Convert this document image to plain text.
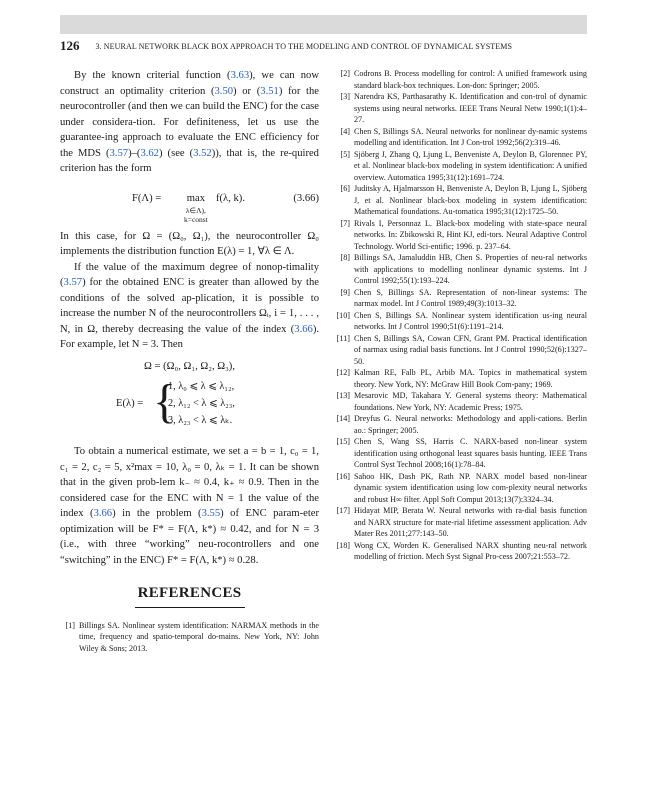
126 3. NEURAL NETWORK BLACK BOX APPROACH TO THE MODELING AND CONTROL OF DYNAMICAL SYSTEMS

By the known criterial function (3.63), we can now construct an optimality criterion (3.50) or (3.51) for the neurocontroller (and then we can build the ENC) for the case under considera-tion. For definiteness, let us use the guarantee-ing approach to evaluate the ENC efficiency for the MDS (3.57)–(3.62) (see (3.52)), that is, the re-quired criterion has the form

F(Λ) = max
λ∈Λ),
k=const
f(λ, k).	(3.66)

In this case, for Ω = (Ω₀, Ω₁), the neurocontroller Ω₀ implements the distribution function E(λ) = 1, ∀λ ∈ Λ.

If the value of the maximum degree of nonop-timality (3.57) for the obtained ENC is greater than allowed by the conditions of the solved ap-plication, it is possible to increase the number N of the neurocontrollers Ωᵢ, i = 1, . . . , N, in Ω, thereby decreasing the value of the index (3.66). For example, let N = 3. Then

Ω = (Ω₀, Ω₁, Ω₂, Ω₃),
E(λ) = {
1, λ₀ ⩽ λ ⩽ λ₁₂,
2, λ₁₂ < λ ⩽ λ₂₃,
3, λ₂₃ < λ ⩽ λₖ.

To obtain a numerical estimate, we set a = b = 1, c₀ = 1, c₁ = 2, c₂ = 5, x²max = 10, λ₀ = 0, λₖ = 1. It can be shown that in the given prob-lem k₋ ≈ 0.4, k₊ ≈ 0.9. Then in the considered case for the ENC with N = 1 the value of the index (3.66) in the problem (3.55) of ENC param-eter optimization will be F* = F(Λ, k*) ≈ 0.42, and for N = 3 (i.e., with three “working” neu-rocontrollers and one “switching” in the ENC) F* = F(Λ, k*) ≈ 0.28.

REFERENCES
[1] Billings SA. Nonlinear system identification: NARMAX methods in the time, frequency and spatio-temporal do-mains. New York, NY: John Wiley & Sons; 2013.
[2] Codrons B. Process modelling for control: A unified framework using standard black-box techniques. Lon-don: Springer; 2005.
[3] Narendra KS, Parthasarathy K. Identification and con-trol of dynamic systems using neural networks. IEEE Trans Neural Netw 1990;1(1):4–27.
[4] Chen S, Billings SA. Neural networks for nonlinear dy-namic systems modelling and identification. Int J Con-trol 1992;56(2):319–46.
[5] Sjöberg J, Zhang Q, Ljung L, Benveniste A, Deylon B, Glorennec PY, et al. Nonlinear black-box modeling in system identification: A unified overview. Automatica 1995;31(12):1691–724.
[6] Juditsky A, Hjalmarsson H, Benveniste A, Deylon B, Ljung L, Sjöberg J, et al. Nonlinear black-box modeling in system identification: Mathematical foundations. Au-tomatica 1995;31(12):1725–50.
[7] Rivals I, Personnaz L. Black-box modeling with state-space neural networks. In: Zbikowski R, Hint KJ, edi-tors. Neural Adaptive Control Technology. World Sci-entific; 1996. p. 237–64.
[8] Billings SA, Jamaluddin HB, Chen S. Properties of neu-ral networks with applications to modelling nonlinear dynamic systems. Int J Control 1992;55(1):193–224.
[9] Chen S, Billings SA. Representation of non-linear systems: The narmax model. Int J Control 1989;49(3):1013–32.
[10] Chen S, Billings SA. Nonlinear system identification us-ing neural networks. Int J Control 1990;51(6):1191–214.
[11] Chen S, Billings SA, Cowan CFN, Grant PM. Practical identification of narmax using radial basis functions. Int J Control 1990;52(6):1327–50.
[12] Kalman RE, Falb PL, Arbib MA. Topics in mathematical system theory. New York, NY: McGraw Hill Book Com-pany; 1969.
[13] Mesarovic MD, Takahara Y. General systems theory: Mathematical foundations. New York, NY: Academic Press; 1975.
[14] Dreyfus G. Neural networks: Methodology and appli-cations. Berlin ao.: Springer; 2005.
[15] Chen S, Wang SS, Harris C. NARX-based non-linear system identification using orthogonal least squares basis hunting. IEEE Trans Control Syst Technol 2008;16(1):78–84.
[16] Sahoo HK, Dash PK, Rath NP. NARX model based non-linear dynamic system identification using low com-plexity neural networks and robust H∞ filter. Appl Soft Comput 2013;13(7):3324–34.
[17] Hidayat MIP, Berata W. Neural networks with ra-dial basis function and NARX structure for mate-rial lifetime assessment application. Adv Mater Res 2011;277:143–50.
[18] Wong CX, Worden K. Generalised NARX shunting neu-ral network modelling of friction. Mech Syst Signal Pro-cess 2007;21:553–72.
